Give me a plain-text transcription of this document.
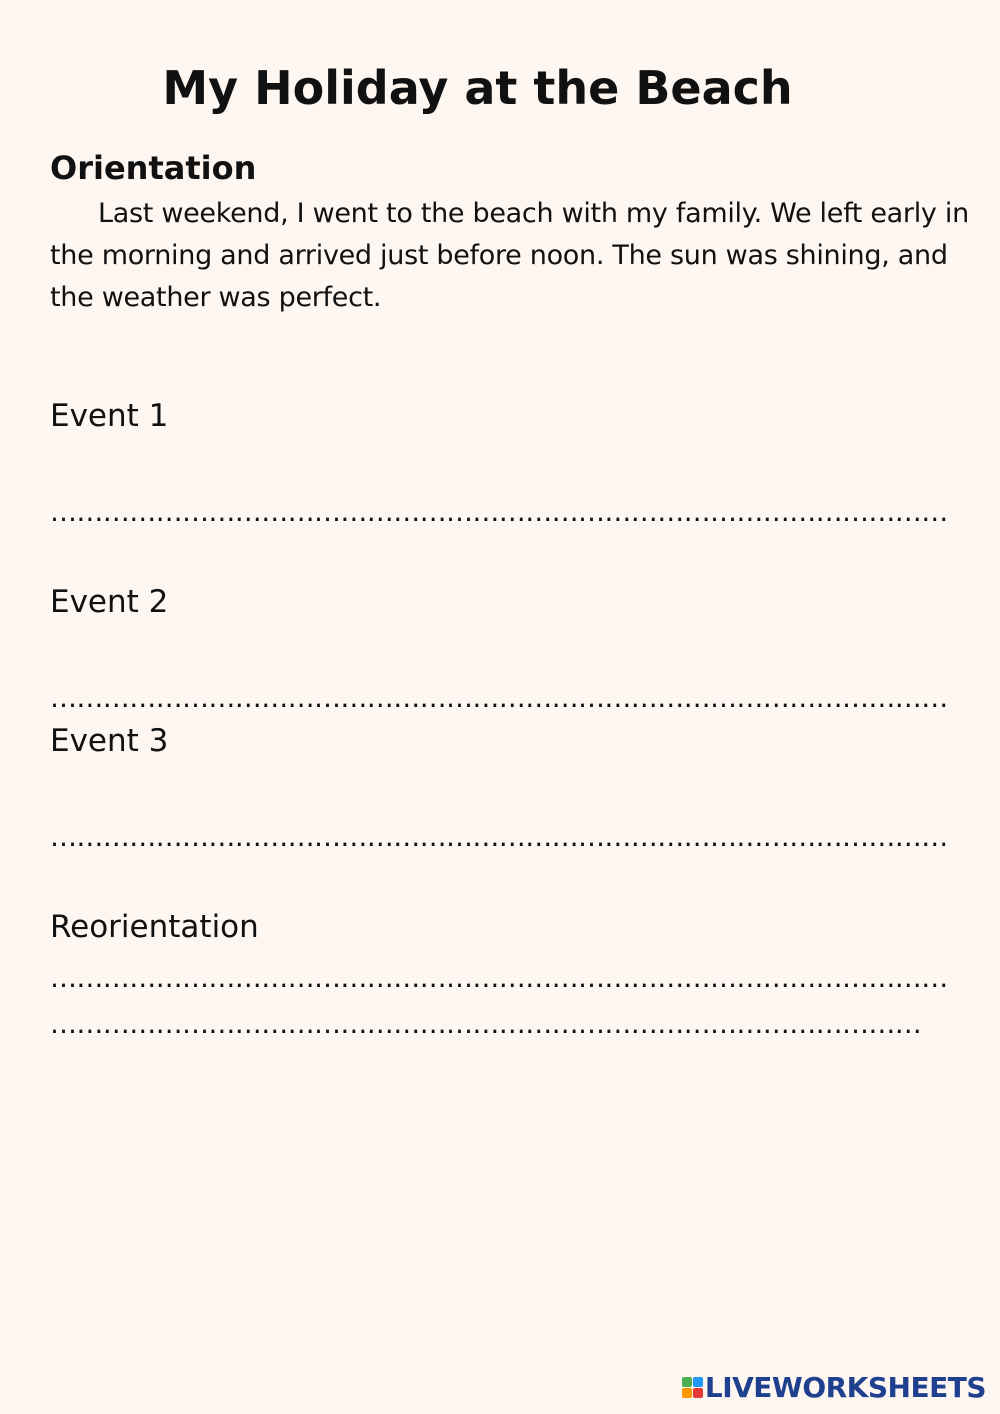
My Holiday at the Beach
Orientation

Last weekend, I went to the beach with my family. We left early in the morning and arrived just before noon. The sun was shining, and the weather was perfect.

Event 1
…………………………………………………………………………………………
Event 2
…………………………………………………………………………………………
Event 3
…………………………………………………………………………………………
Reorientation
…………………………………………………………………………………………
………………………………………………………………………………………
LIVEWORKSHEETS
